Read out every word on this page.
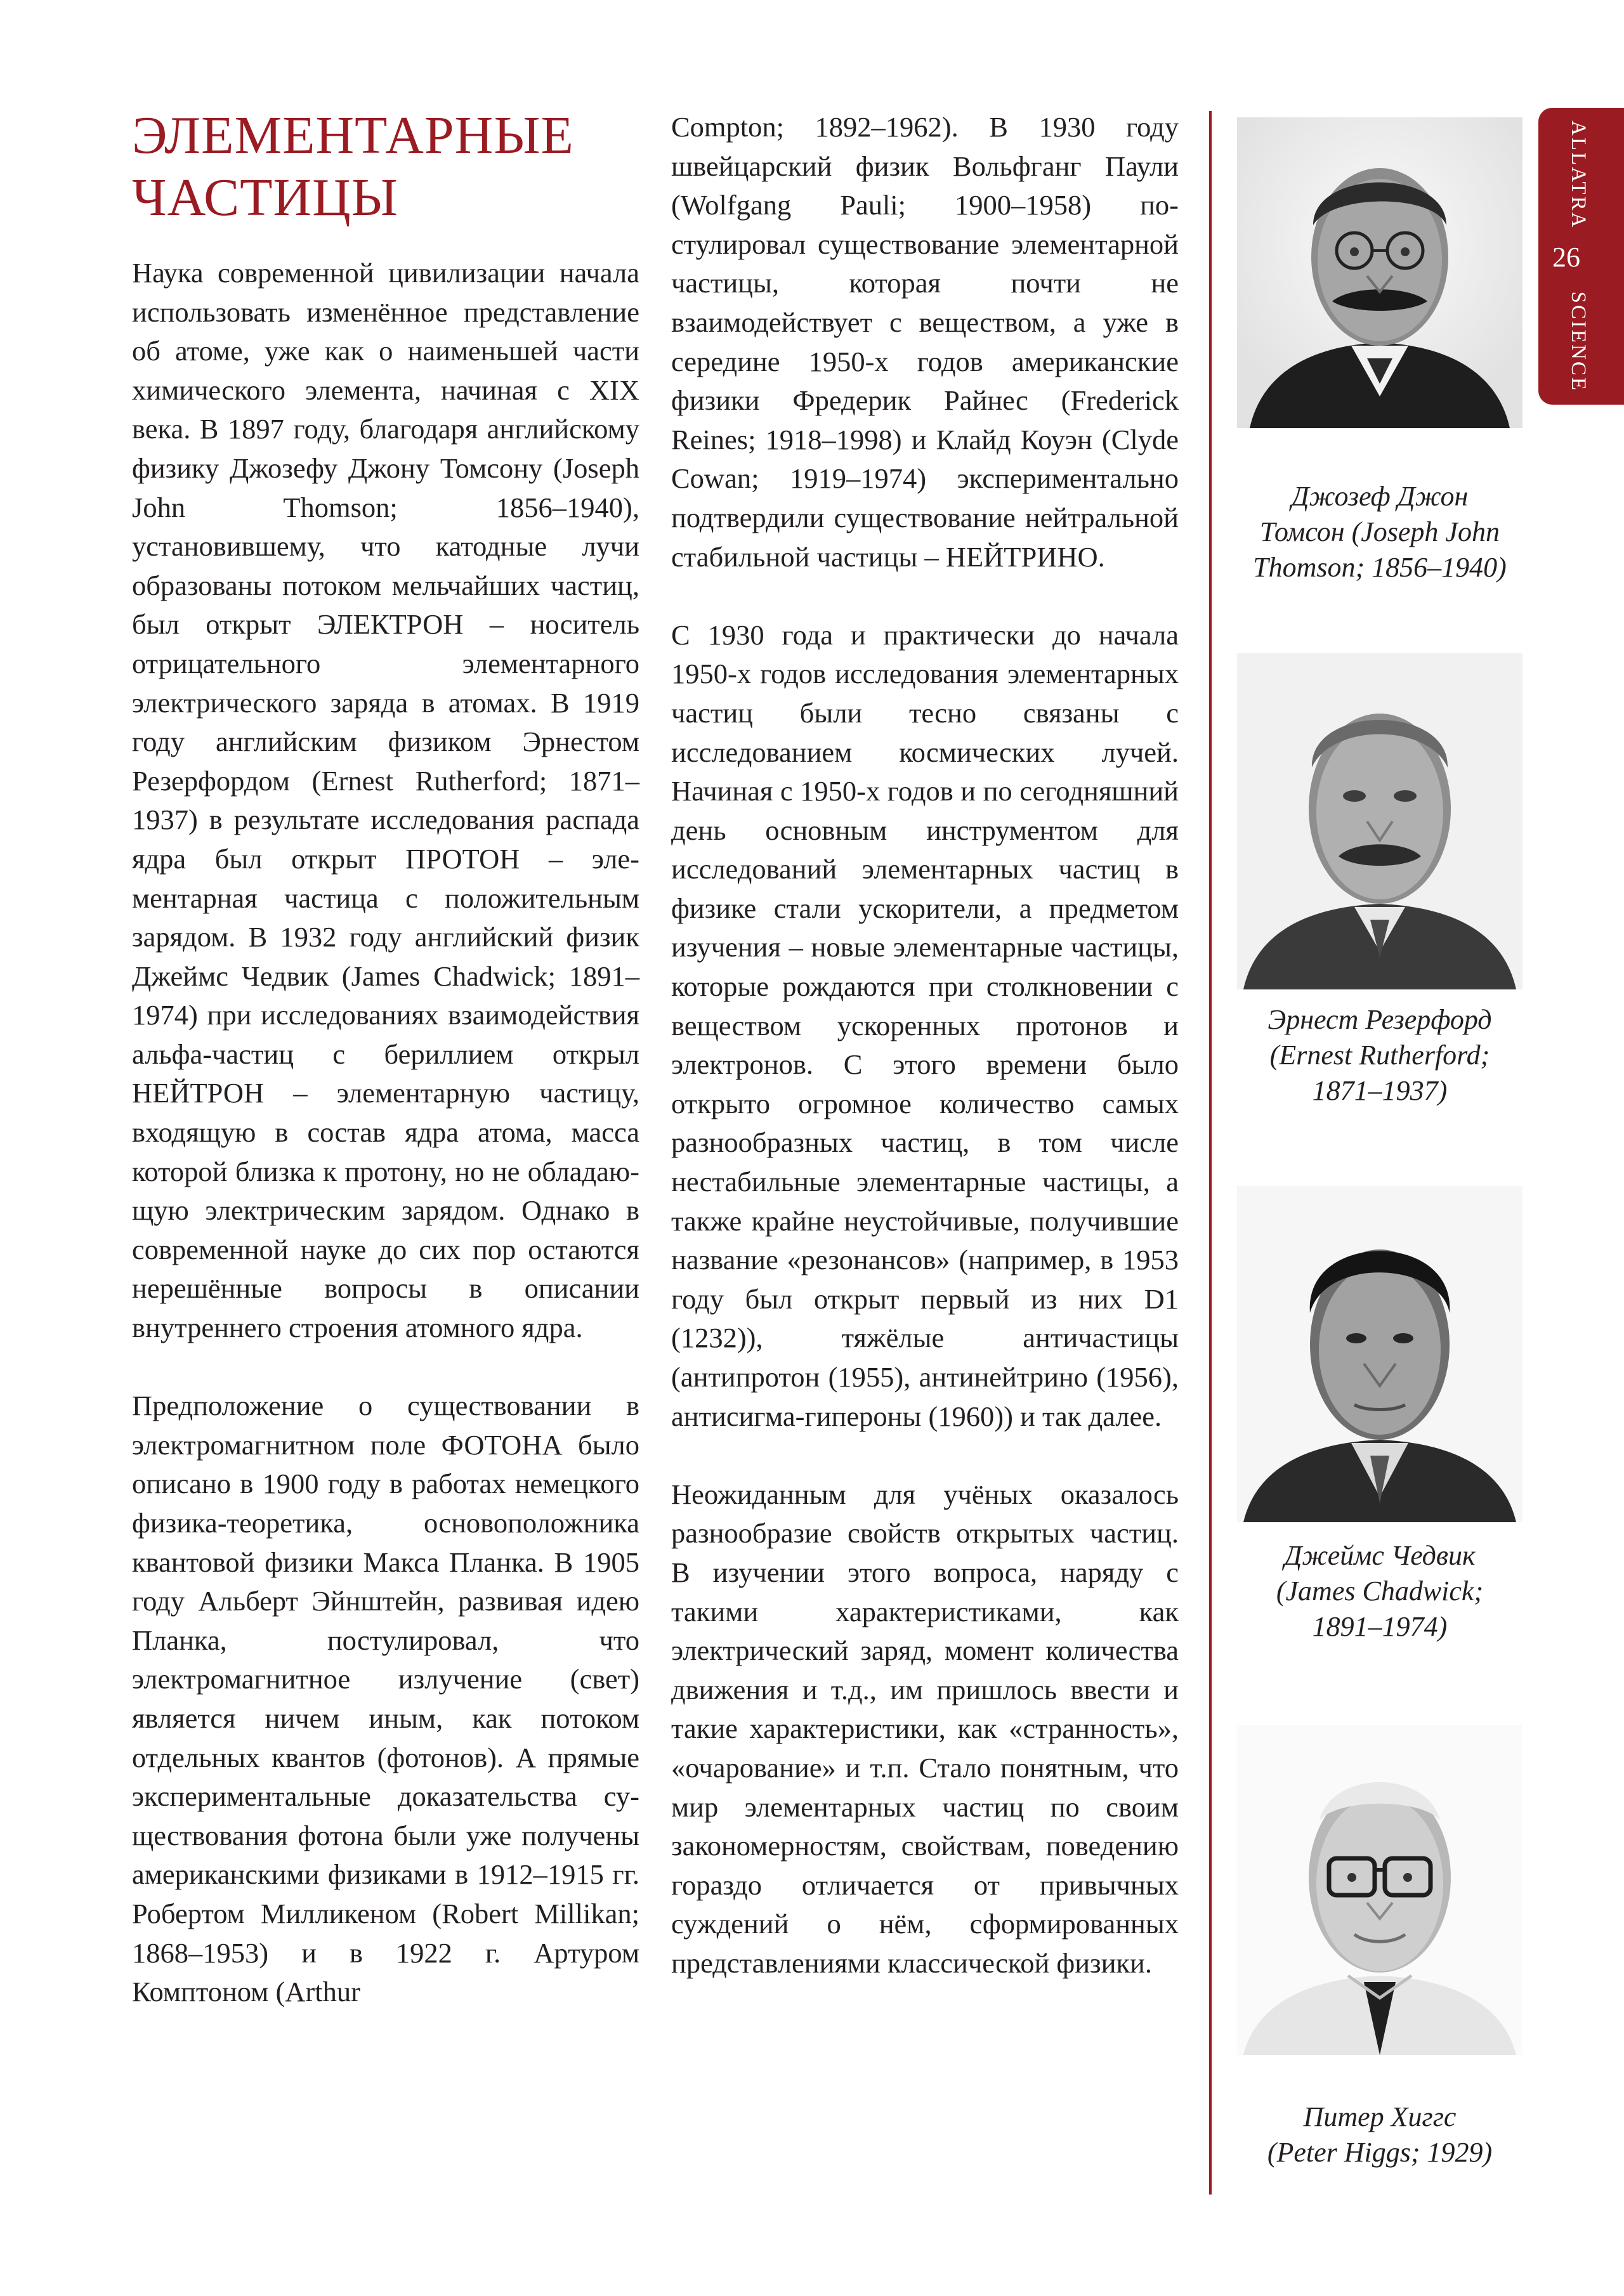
ЭЛЕМЕНТАРНЫЕ
ЧАСТИЦЫ

Наука современной цивилизации начала использовать изменённое представление об атоме, уже как о наименьшей части химического элемента, начиная с XIX века. В 1897 году, благодаря английскому физику Джозефу Джону Томсону (Joseph John Thomson; 1856–1940), установившему, что катодные лучи образованы потоком мельчайших частиц, был открыт ЭЛЕКТРОН – носитель отрицательного элементарного электрического заряда в атомах. В 1919 году английским физиком Эрнестом Резерфордом (Ernest Rutherford; 1871–1937) в результате исследования распада ядра был открыт ПРОТОН – элементарная частица с положительным зарядом. В 1932 году английский физик Джеймс Чедвик (James Chadwick; 1891–1974) при исследованиях взаимодействия альфа-частиц с бериллием открыл НЕЙТРОН – элементарную частицу, входящую в состав ядра атома, масса которой близка к протону, но не обладающую электрическим зарядом. Однако в современной науке до сих пор остаются нерешённые вопросы в описании внутреннего строения атомного ядра.

Предположение о существовании в электромагнитном поле ФОТОНА было описано в 1900 году в работах немецкого физика-теоретика, основоположника квантовой физики Макса Планка. В 1905 году Альберт Эйнштейн, развивая идею Планка, постулировал, что электромагнитное излучение (свет) является ничем иным, как потоком отдельных квантов (фотонов). А прямые экспериментальные доказательства существования фотона были уже получены американскими физиками в 1912–1915 гг. Робертом Милликеном (Robert Millikan; 1868–1953) и в 1922 г. Артуром Комптоном (Arthur

Compton; 1892–1962). В 1930 году швейцарский физик Вольфганг Паули (Wolfgang Pauli; 1900–1958) постулировал существование элементарной частицы, которая почти не взаимодействует с веществом, а уже в середине 1950-х годов американские физики Фредерик Райнес (Frederick Reines; 1918–1998) и Клайд Коуэн (Clyde Cowan; 1919–1974) экспериментально подтвердили существование нейтральной стабильной частицы – НЕЙТРИНО.

С 1930 года и практически до начала 1950-х годов исследования элементарных частиц были тесно связаны с исследованием космических лучей. Начиная с 1950-х годов и по сегодняшний день основным инструментом для исследований элементарных частиц в физике стали ускорители, а предметом изучения – новые элементарные частицы, которые рождаются при столкновении с веществом ускоренных протонов и электронов. С этого времени было открыто огромное количество самых разнообразных частиц, в том числе нестабильные элементарные частицы, а также крайне неустойчивые, получившие название «резонансов» (например, в 1953 году был открыт первый из них D1 (1232)), тяжёлые античастицы (антипротон (1955), антинейтрино (1956), антисигма-гипероны (1960)) и так далее.

Неожиданным для учёных оказалось разнообразие свойств открытых частиц. В изучении этого вопроса, наряду с такими характеристиками, как электрический заряд, момент количества движения и т.д., им пришлось ввести и такие характеристики, как «странность», «очарование» и т.п. Стало понятным, что мир элементарных частиц по своим закономерностям, свойствам, поведению гораздо отличается от привычных суждений о нём, сформированных представлениями классической физики.

ALLATRA
SCIENCE
26
Джозеф Джон
Томсон (Joseph John
Thomson; 1856–1940)
Эрнест Резерфорд
(Ernest Rutherford;
1871–1937)
Джеймс Чедвик
(James Chadwick;
1891–1974)
Питер Хиггс
(Peter Higgs; 1929)
